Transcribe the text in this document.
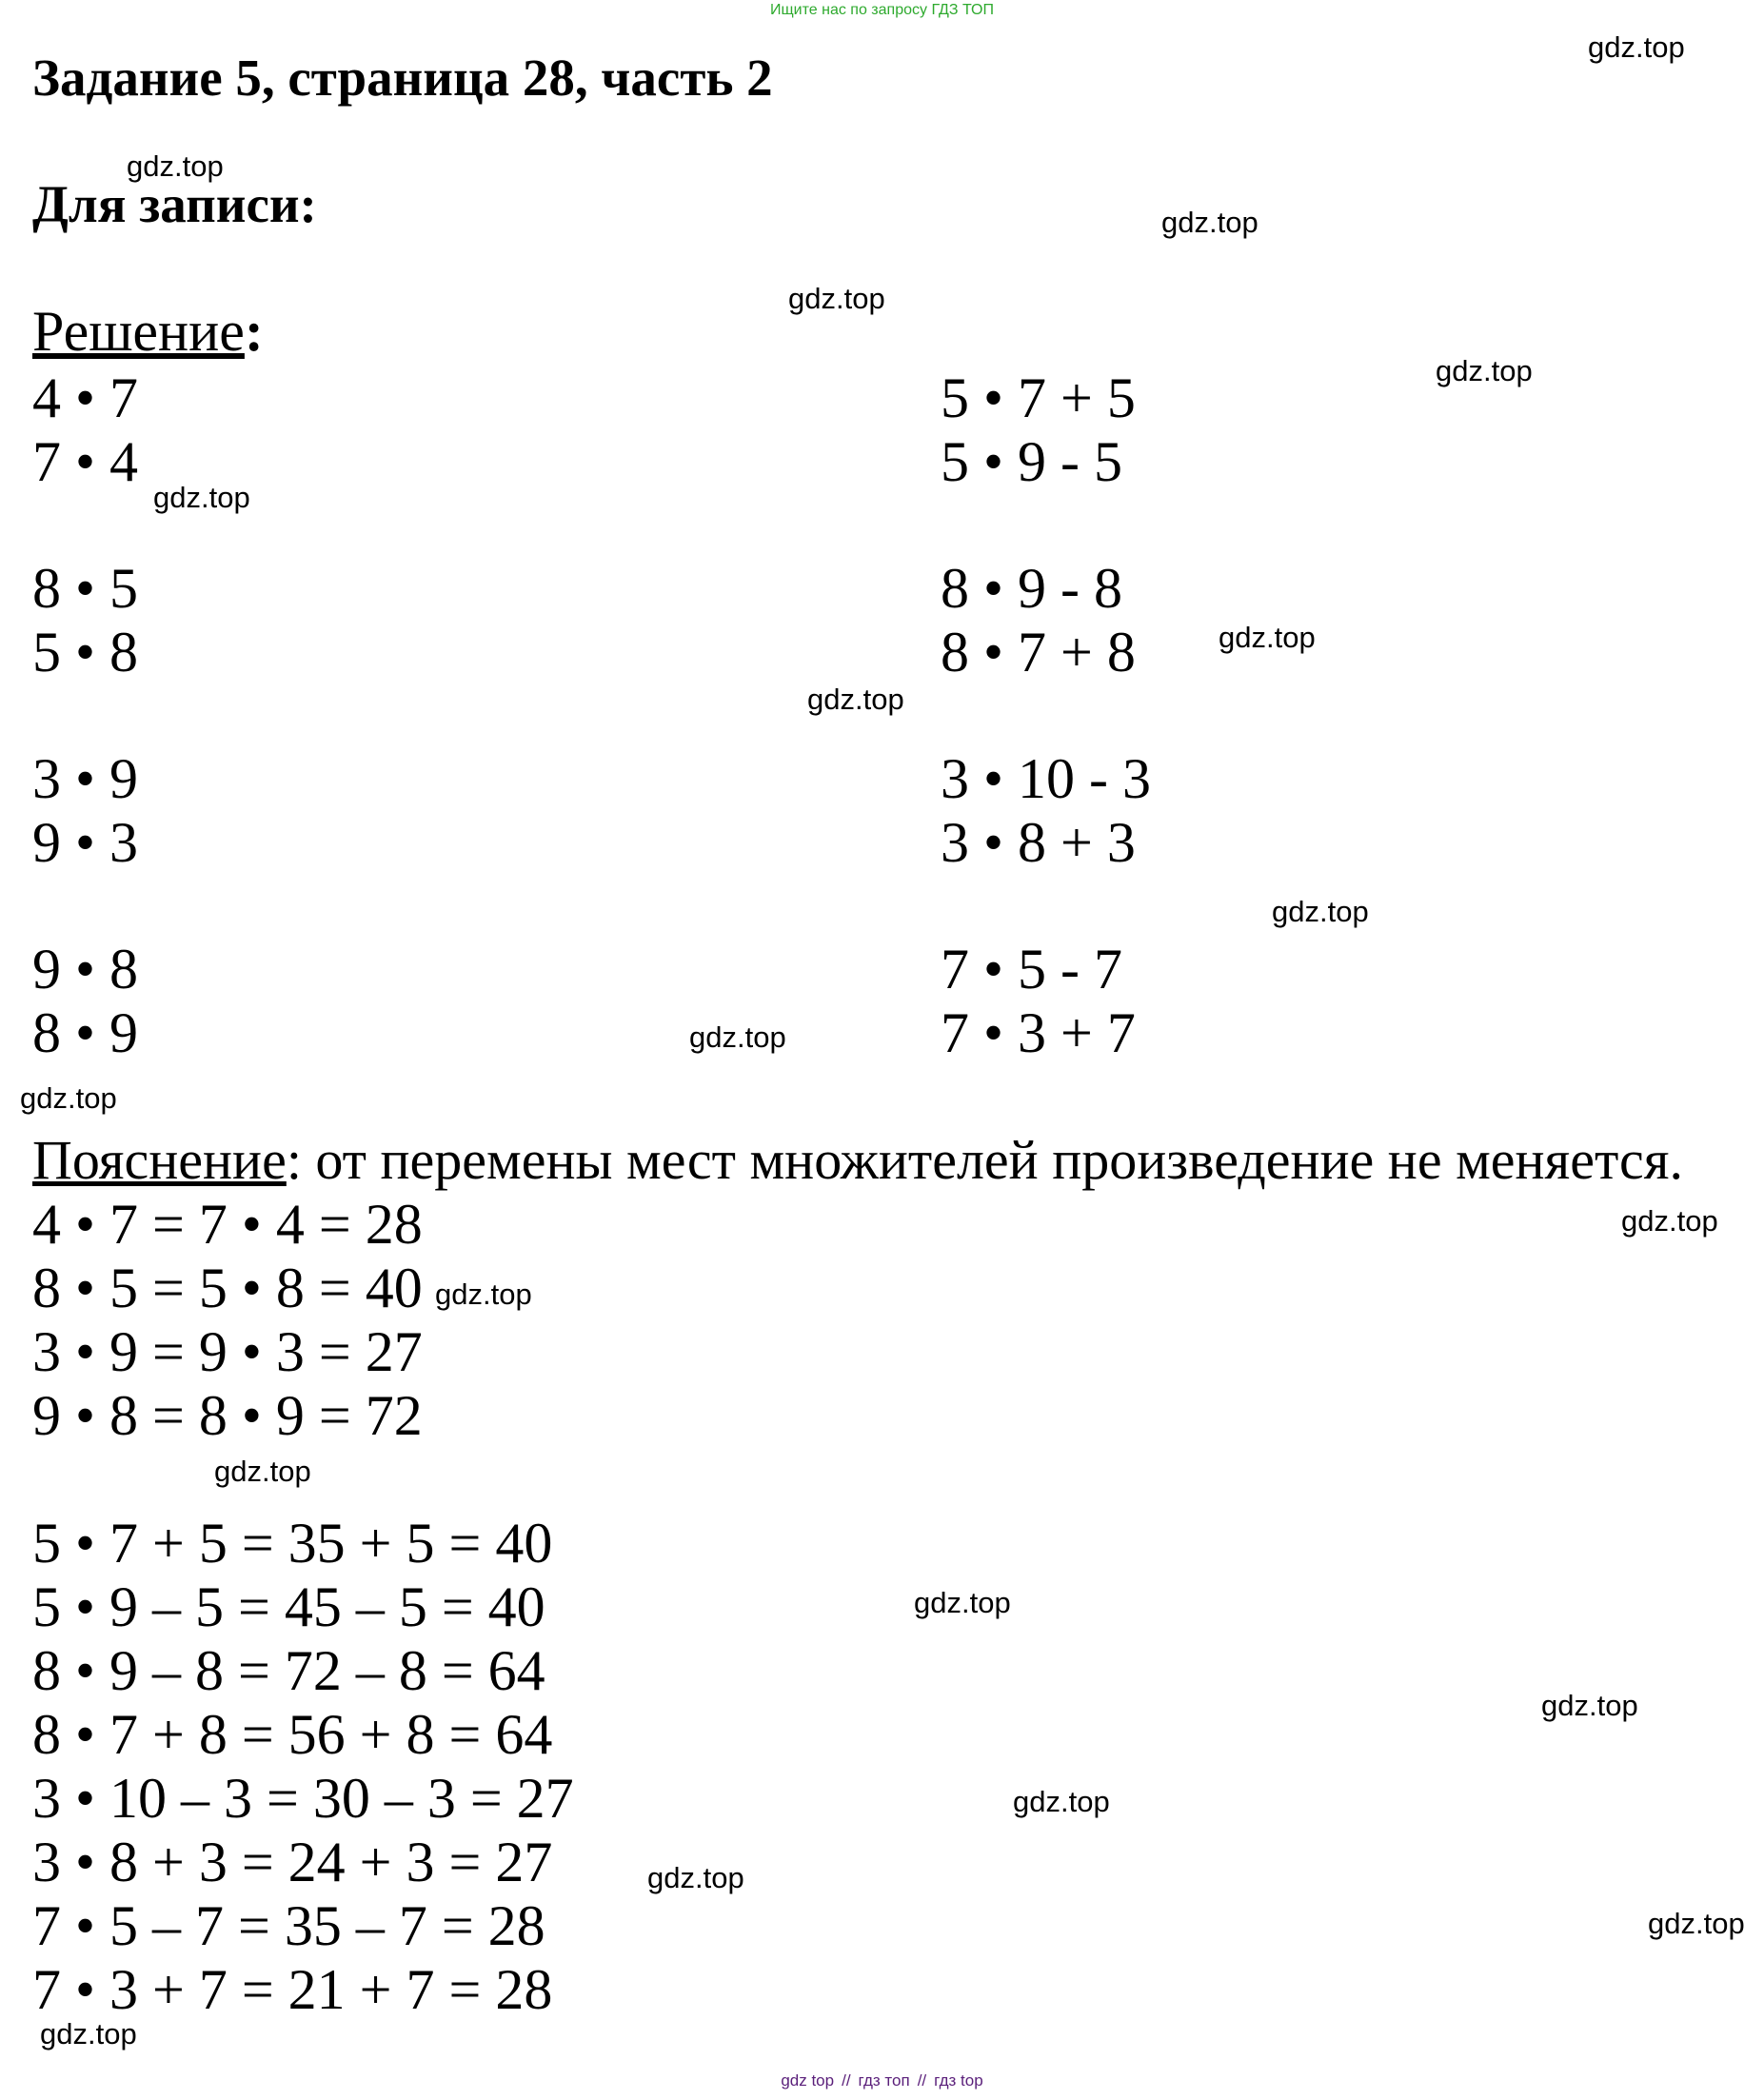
Ищите нас по запросу ГДЗ ТОП
Задание 5, страница 28, часть 2
Для записи:
Решение:
4 • 7
7 • 4
8 • 5
5 • 8
3 • 9
9 • 3
9 • 8
8 • 9
5 • 7 + 5
5 • 9 - 5
8 • 9 - 8
8 • 7 + 8
3 • 10 - 3
3 • 8 + 3
7 • 5 - 7
7 • 3 + 7
Пояснение: от перемены мест множителей произведение не меняется.
4 • 7 = 7 • 4 = 28
8 • 5 = 5 • 8 = 40
3 • 9 = 9 • 3 = 27
9 • 8 = 8 • 9 = 72
5 • 7 + 5 = 35 + 5 = 40
5 • 9 – 5 = 45 – 5 = 40
8 • 9 – 8 = 72 – 8 = 64
8 • 7 + 8 = 56 + 8 = 64
3 • 10 – 3 = 30 – 3 = 27
3 • 8 + 3 = 24 + 3 = 27
7 • 5 – 7 = 35 – 7 = 28
7 • 3 + 7 = 21 + 7 = 28
gdz.top
gdz.top
gdz.top
gdz.top
gdz.top
gdz.top
gdz.top
gdz.top
gdz.top
gdz.top
gdz.top
gdz.top
gdz.top
gdz.top
gdz.top
gdz.top
gdz.top
gdz.top
gdz.top
gdz.top
gdz top // гдз топ // гдз top
